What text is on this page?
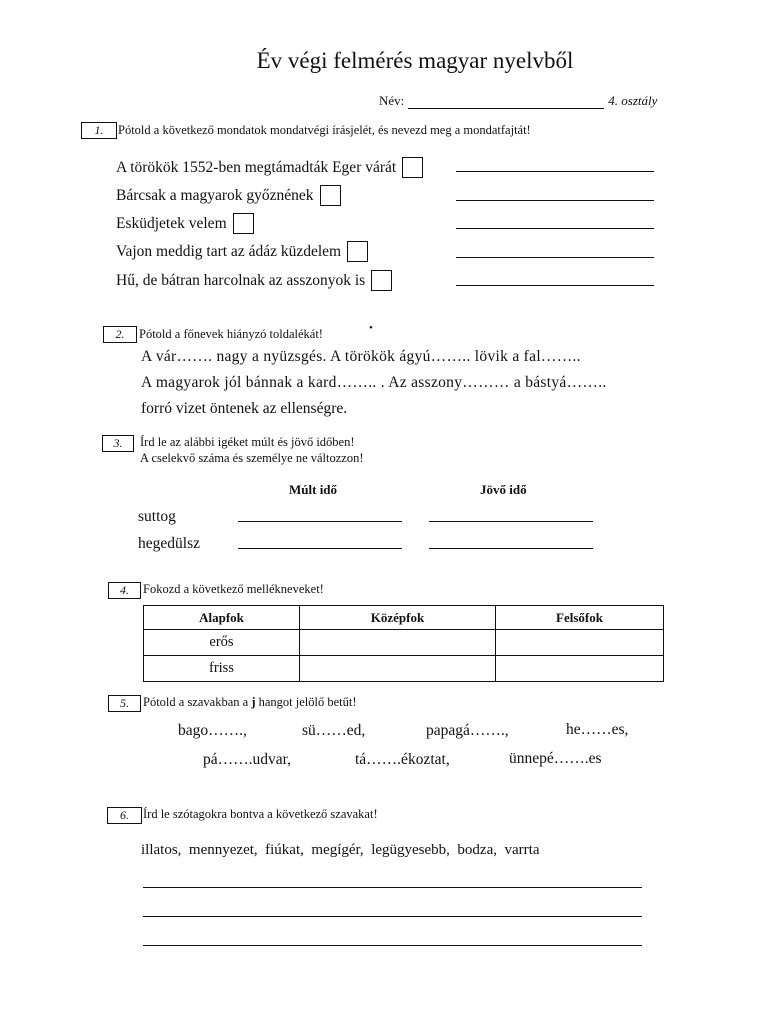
Év végi felmérés magyar nyelvből
Név:	4. osztály
1.	Pótold a következő mondatok mondatvégi írásjelét, és nevezd meg a mondatfajtát!
A törökök 1552-ben megtámadták Eger várát
Bárcsak a magyarok győznének
Esküdjetek velem
Vajon meddig tart az ádáz küzdelem
Hű, de bátran harcolnak az asszonyok is
2.	Pótold a főnevek hiányzó toldalékát!	•
A vár……. nagy a nyüzsgés. A törökök ágyú…….. lövik a fal……..
A magyarok jól bánnak a kard…….. . Az asszony……… a bástyá……..
forró vizet öntenek az ellenségre.
3.	Írd le az alábbi igéket múlt és jövő időben!
A cselekvő száma és személye ne változzon!
Múlt idő	Jövő idő
suttog
hegedülsz
4.	Fokozd a következő mellékneveket!
Alapfok	Középfok	Felsőfok
erős		
friss		
5.	Pótold a szavakban a j hangot jelölő betűt!
bago…….,	sü……ed,	papagá…….,	he……es,
pá…….udvar,	tá…….ékoztat,	ünnepé…….es
6.	Írd le szótagokra bontva a következő szavakat!
illatos, mennyezet, fiúkat, megígér, legügyesebb, bodza, varrta
